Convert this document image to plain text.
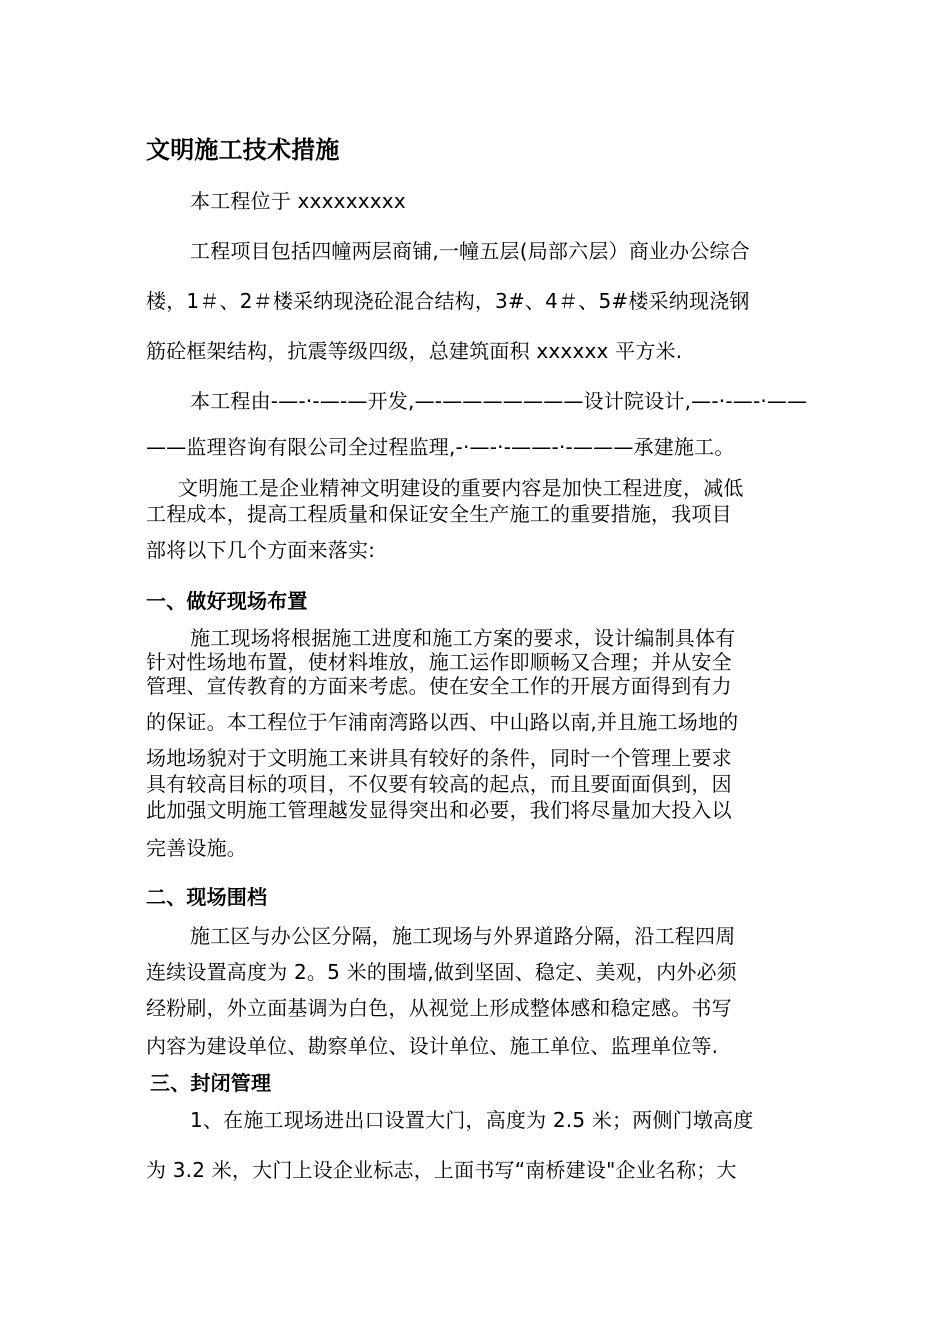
文明施工技术措施
本工程位于 xxxxxxxxx
工程项目包括四幢两层商铺,一幢五层(局部六层）商业办公综合
楼，1＃、2＃楼采纳现浇砼混合结构，3#、4＃、5#楼采纳现浇钢
筋砼框架结构，抗震等级四级，总建筑面积 xxxxxx 平方米.
本工程由-—-·-—-—开发,—-———————设计院设计,—-·-—-·——
——监理咨询有限公司全过程监理,-·—-·-——-·-———承建施工。
文明施工是企业精神文明建设的重要内容是加快工程进度，减低
工程成本，提高工程质量和保证安全生产施工的重要措施，我项目
部将以下几个方面来落实:
一、做好现场布置
施工现场将根据施工进度和施工方案的要求，设计编制具体有
针对性场地布置，使材料堆放，施工运作即顺畅又合理；并从安全
管理、宣传教育的方面来考虑。使在安全工作的开展方面得到有力
的保证。本工程位于乍浦南湾路以西、中山路以南,并且施工场地的
场地场貌对于文明施工来讲具有较好的条件，同时一个管理上要求
具有较高目标的项目，不仅要有较高的起点，而且要面面俱到，因
此加强文明施工管理越发显得突出和必要，我们将尽量加大投入以
完善设施。
二、现场围档
施工区与办公区分隔，施工现场与外界道路分隔，沿工程四周
连续设置高度为 2。5 米的围墙,做到坚固、稳定、美观，内外必须
经粉刷，外立面基调为白色，从视觉上形成整体感和稳定感。书写
内容为建设单位、勘察单位、设计单位、施工单位、监理单位等.
三、封闭管理
1、在施工现场进出口设置大门，高度为 2.5 米；两侧门墩高度
为 3.2 米，大门上设企业标志，上面书写“南桥建设"企业名称；大
